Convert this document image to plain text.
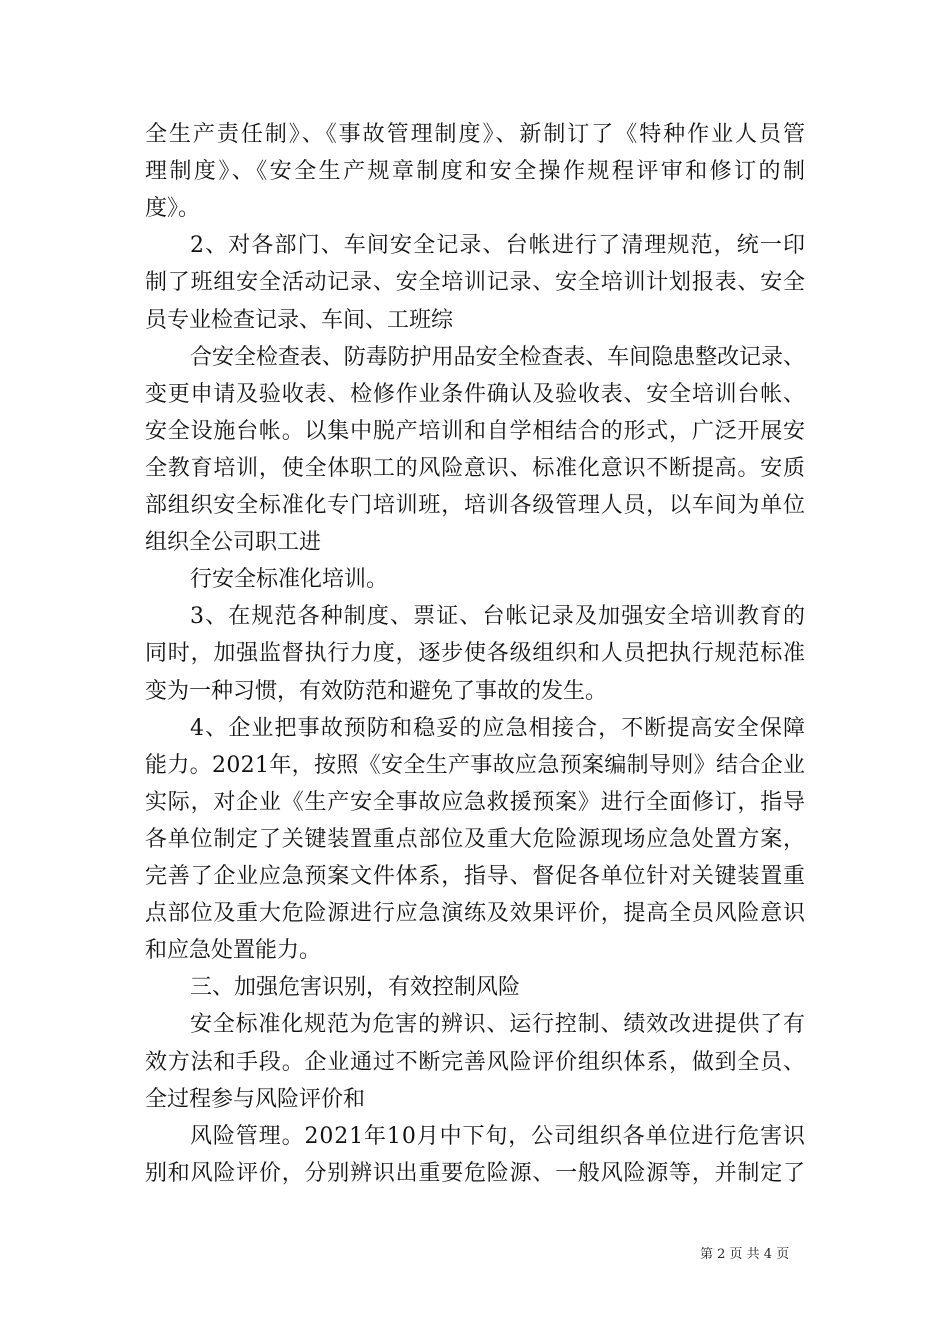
全生产责任制》、《事故管理制度》、新制订了《特种作业人员管
理制度》、《安全生产规章制度和安全操作规程评审和修订的制
度》。
2、对各部门、车间安全记录、台帐进行了清理规范，统一印
制了班组安全活动记录、安全培训记录、安全培训计划报表、安全
员专业检查记录、车间、工班综
合安全检查表、防毒防护用品安全检查表、车间隐患整改记录、
变更申请及验收表、检修作业条件确认及验收表、安全培训台帐、
安全设施台帐。以集中脱产培训和自学相结合的形式，广泛开展安
全教育培训，使全体职工的风险意识、标准化意识不断提高。安质
部组织安全标准化专门培训班，培训各级管理人员，以车间为单位
组织全公司职工进
行安全标准化培训。
3、在规范各种制度、票证、台帐记录及加强安全培训教育的
同时，加强监督执行力度，逐步使各级组织和人员把执行规范标准
变为一种习惯，有效防范和避免了事故的发生。
4、企业把事故预防和稳妥的应急相接合，不断提高安全保障
能力。2021年，按照《安全生产事故应急预案编制导则》结合企业
实际，对企业《生产安全事故应急救援预案》进行全面修订，指导
各单位制定了关键装置重点部位及重大危险源现场应急处置方案，
完善了企业应急预案文件体系，指导、督促各单位针对关键装置重
点部位及重大危险源进行应急演练及效果评价，提高全员风险意识
和应急处置能力。
三、加强危害识别，有效控制风险
安全标准化规范为危害的辨识、运行控制、绩效改进提供了有
效方法和手段。企业通过不断完善风险评价组织体系，做到全员、
全过程参与风险评价和
风险管理。2021年10月中下旬，公司组织各单位进行危害识
别和风险评价，分别辨识出重要危险源、一般风险源等，并制定了
第 2 页 共 4 页
